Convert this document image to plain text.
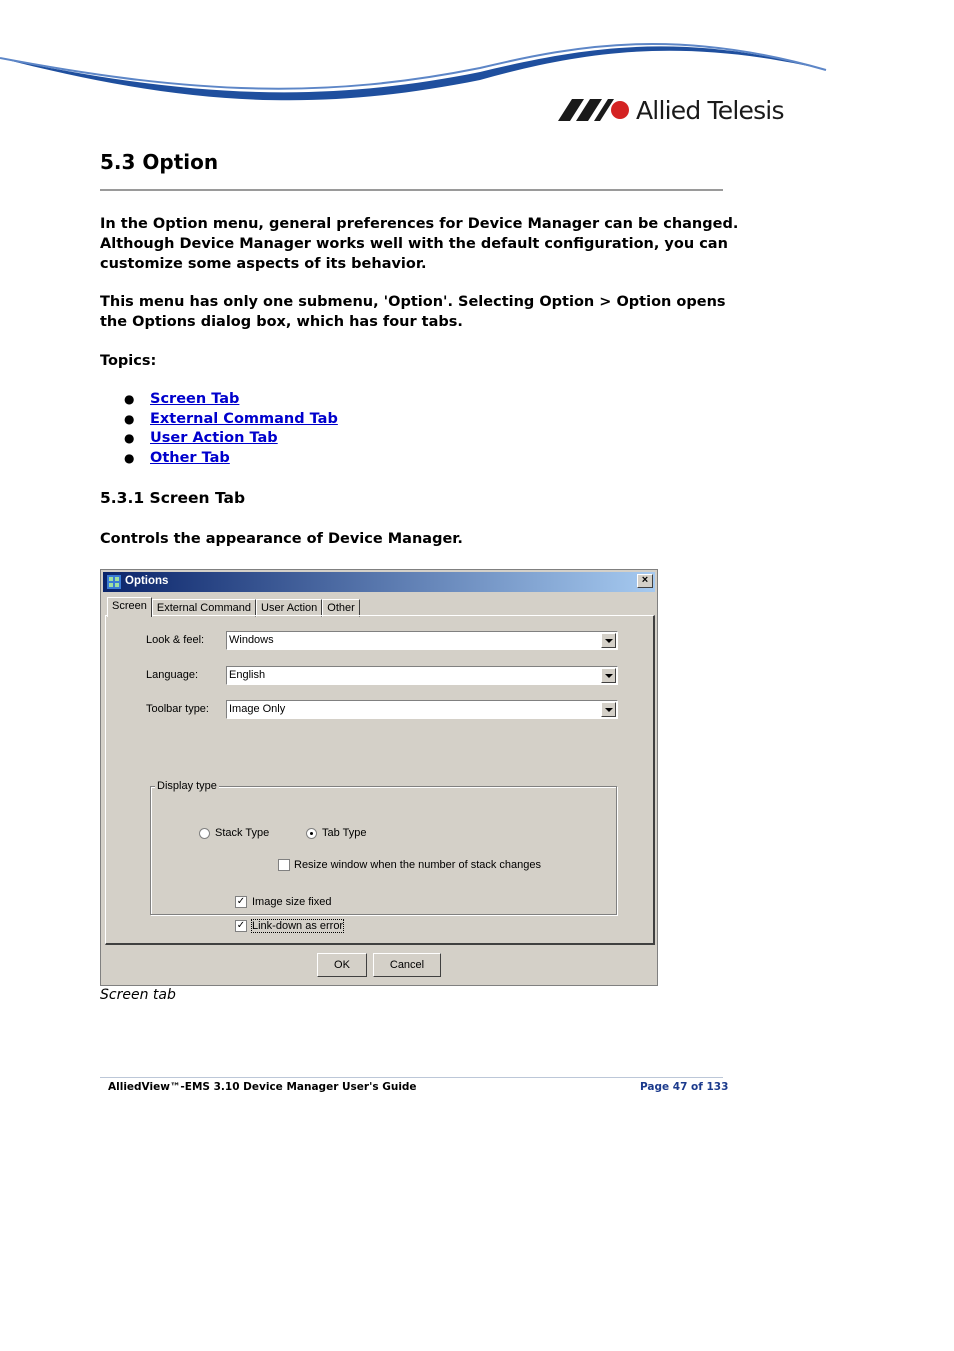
Allied Telesis
5.3 Option

In the Option menu, general preferences for Device Manager can be changed. Although Device Manager works well with the default configuration, you can customize some aspects of its behavior.

This menu has only one submenu, 'Option'. Selecting Option > Option opens the Options dialog box, which has four tabs.

Topics:

● Screen Tab
● External Command Tab
● User Action Tab
● Other Tab
5.3.1 Screen Tab

Controls the appearance of Device Manager.

Options	×
Screen External Command User Action Other
Look & feel: Windows
Language:	English
Toolbar type: Image Only
Display type
Stack Type	Tab Type
Resize window when the number of stack changes
✓ Image size fixed
✓ Link-down as error
OK	Cancel
Screen tab
AlliedView™-EMS 3.10 Device Manager User's Guide	Page 47 of 133
